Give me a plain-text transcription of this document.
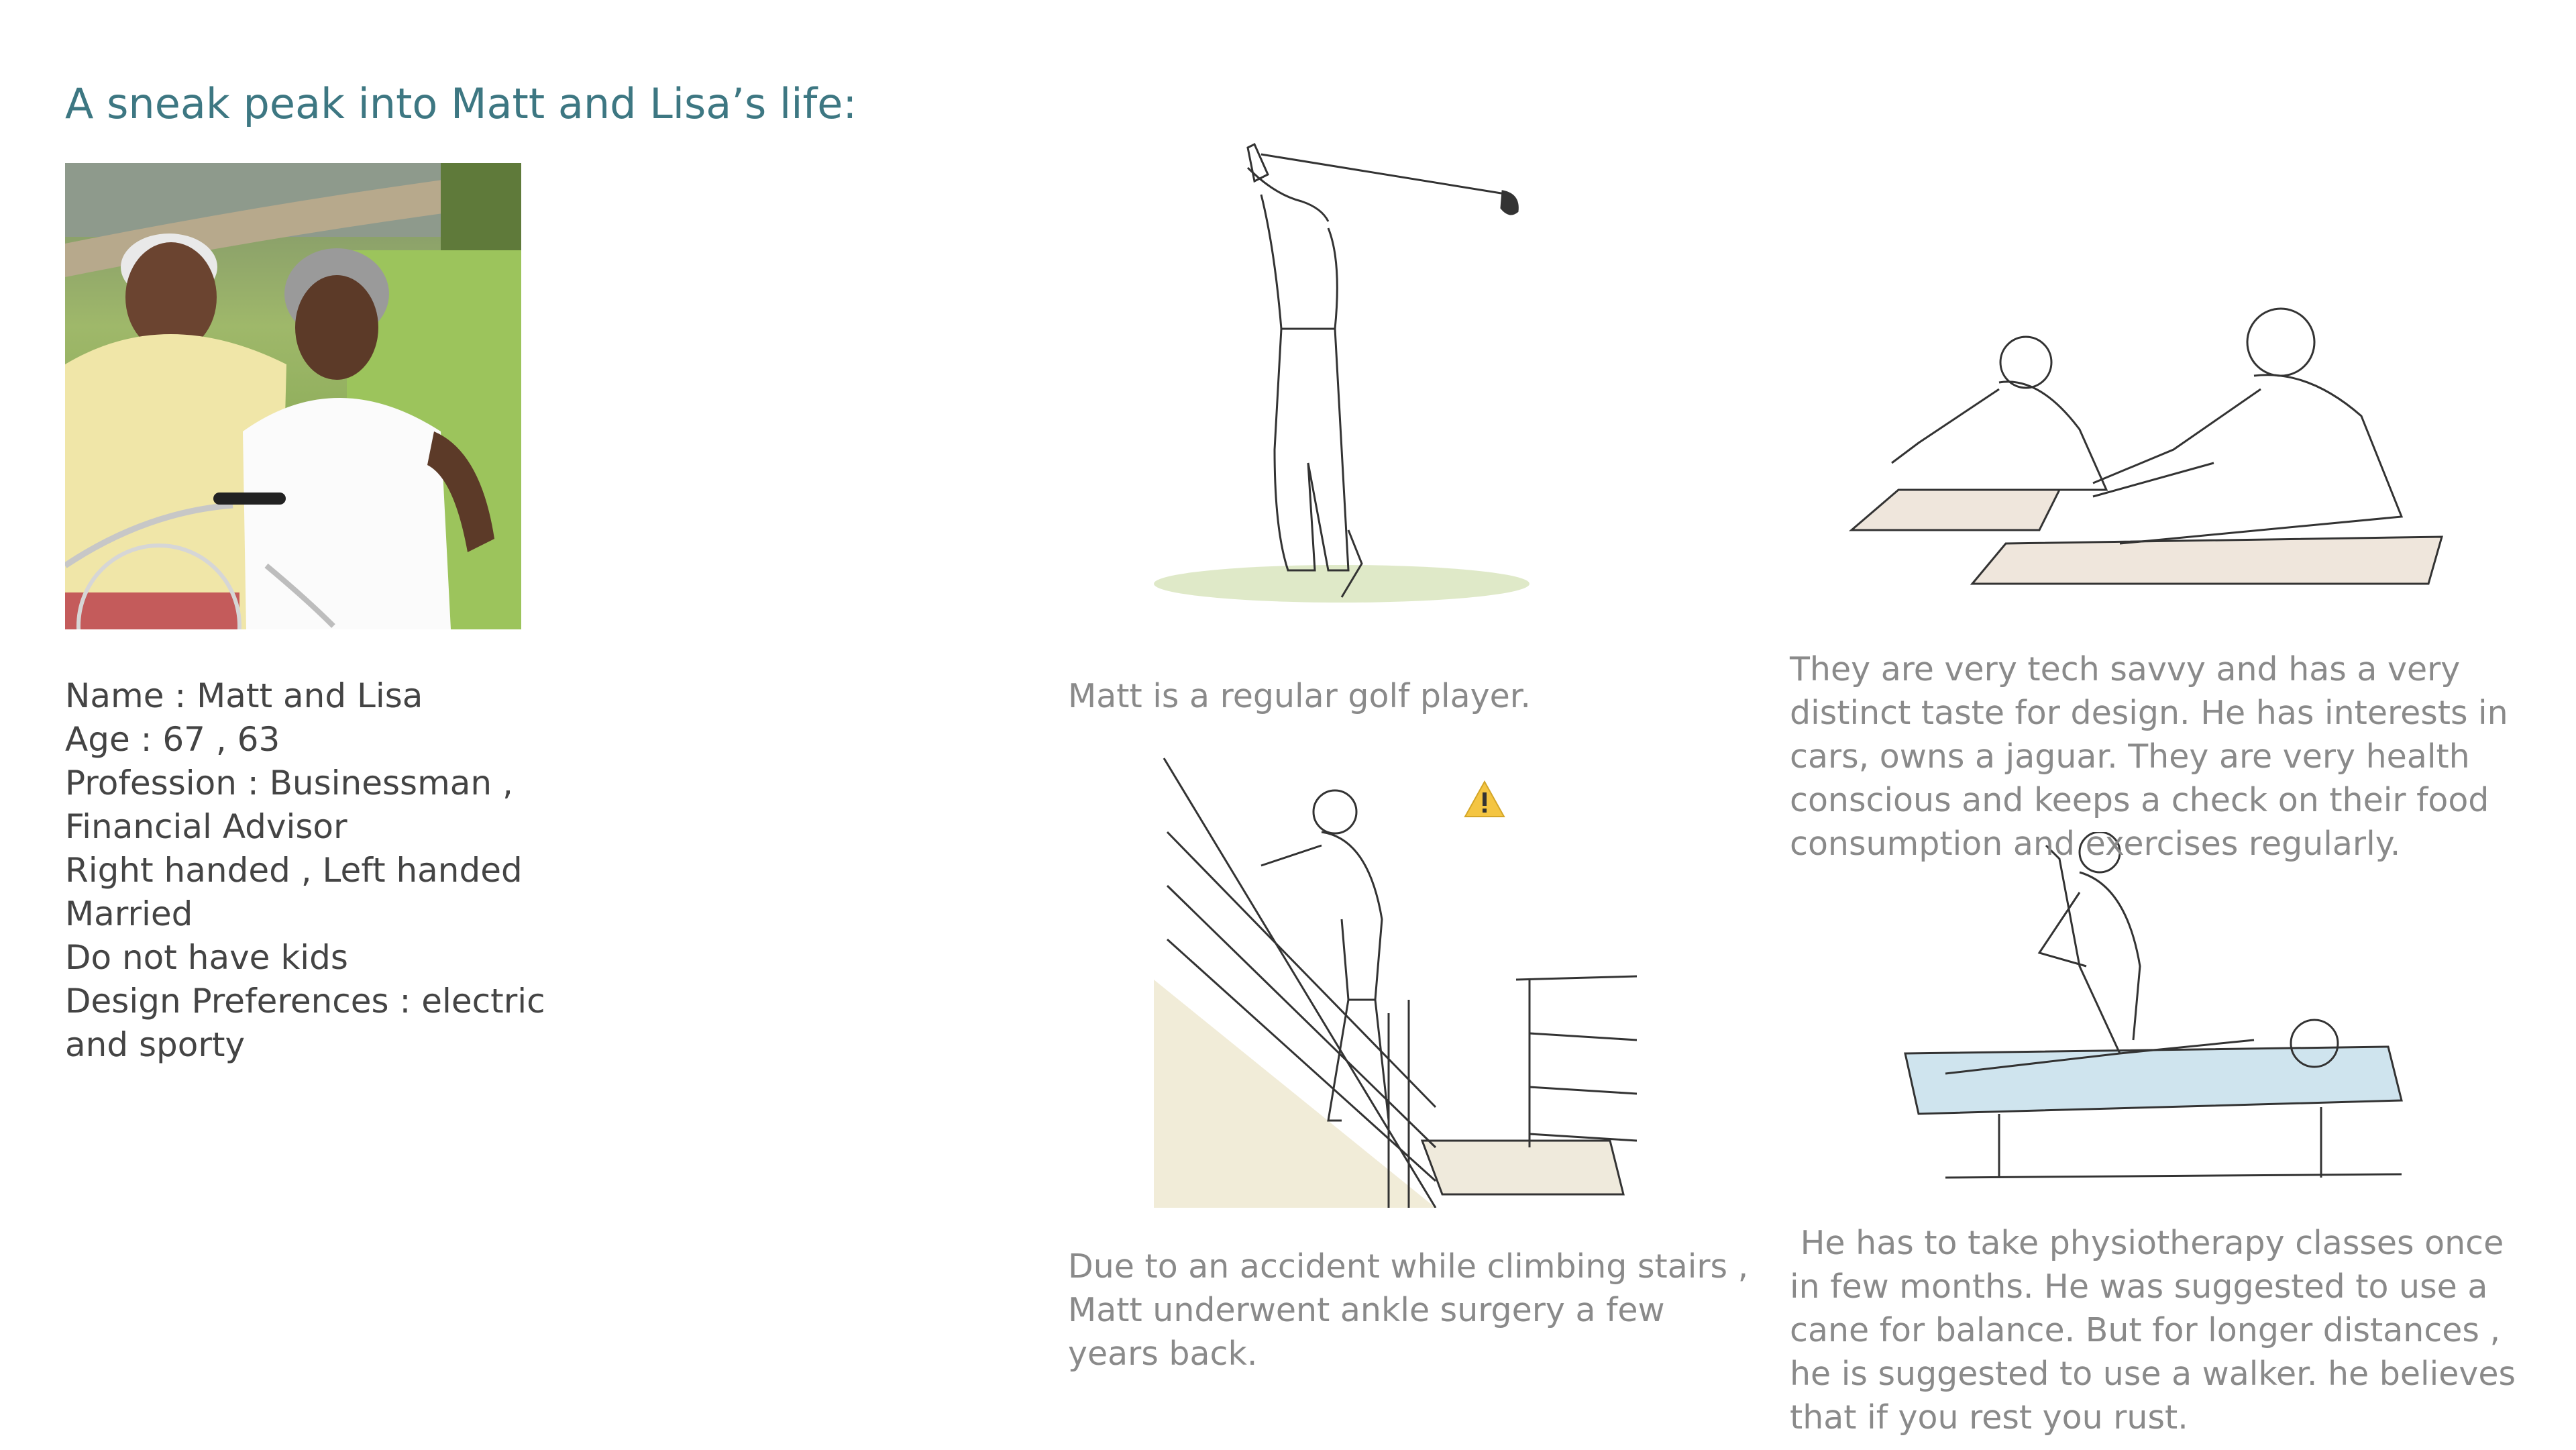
A sneak peak into Matt and Lisa’s life:
Name : Matt and Lisa
Age : 67 , 63
Profession : Businessman ,
Financial Advisor
Right handed , Left handed
Married
Do not have kids
Design Preferences : electric
and sporty
Matt is a regular golf player.
They are very tech savvy and has a very distinct taste for design. He has interests in cars, owns a jaguar. They are very health conscious and keeps a check on their food consumption and exercises regularly.
Due to an accident while climbing stairs , Matt underwent ankle surgery a few years back.
He has to take physiotherapy classes once in few months. He was suggested to use a cane for balance. But for longer distances , he is suggested to use a walker. he believes that if you rest you rust.
